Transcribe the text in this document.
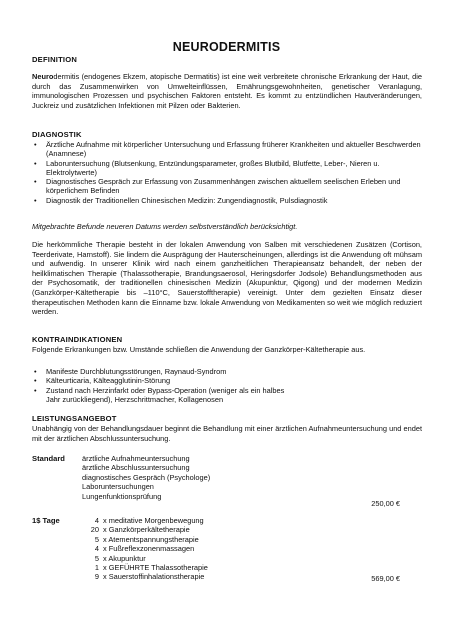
NEURODERMITIS
DEFINITION

Neurodermitis (endogenes Ekzem, atopische Dermatitis) ist eine weit verbreitete chronische Erkrankung der Haut, die durch das Zusammenwirken von Umwelteinflüssen, Ernährungsgewohnheiten, genetischer Veranlagung, immunologischen Prozessen und psychischen Faktoren entsteht. Es kommt zu entzündlichen Hautveränderungen, Juckreiz und zusätzlichen Infektionen mit Pilzen oder Bakterien.

DIAGNOSTIK
• Ärztliche Aufnahme mit körperlicher Untersuchung und Erfassung früherer Krankheiten und aktueller Beschwerden (Anamnese)
• Laboruntersuchung (Blutsenkung, Entzündungsparameter, großes Blutbild, Blutfette, Leber-, Nieren u. Elektrolytwerte)
• Diagnostisches Gespräch zur Erfassung von Zusammenhängen zwischen aktuellem seelischen Erleben und körperlichem Befinden
• Diagnostik der Traditionellen Chinesischen Medizin: Zungendiagnostik, Pulsdiagnostik
Mitgebrachte Befunde neueren Datums werden selbstverständlich berücksichtigt.

Die herkömmliche Therapie besteht in der lokalen Anwendung von Salben mit verschiedenen Zusätzen (Cortison, Teerderivate, Harnstoff). Sie lindern die Ausprägung der Hauterscheinungen, allerdings ist die Anwendung oft mühsam und aufwendig. In unserer Klinik wird nach einem ganzheitlichen Therapieansatz behandelt, der neben der heilklimatischen Therapie (Thalassotherapie, Brandungsaerosol, Heringsdorfer Jodsole) Behandlungsmethoden aus der Psychosomatik, der traditionellen chinesischen Medizin (Akupunktur, Qigong) und der modernen Medizin (Ganzkörper-Kältetherapie bis –110°C, Sauerstofftherapie) vereinigt. Unter dem gezielten Einsatz dieser therapeutischen Methoden kann die Einname bzw. lokale Anwendung von Medikamenten so weit wie möglich reduziert werden.

KONTRAINDIKATIONEN

Folgende Erkrankungen bzw. Umstände schließen die Anwendung der Ganzkörper-Kältetherapie aus.

• Manifeste Durchblutungsstörungen, Raynaud-Syndrom
• Kälteurticaria, Kälteagglutinin-Störung
• Zustand nach Herzinfarkt oder Bypass-Operation (weniger als ein halbes Jahr zurückliegend), Herzschrittmacher, Kollagenosen
LEISTUNGSANGEBOT

Unabhängig von der Behandlungsdauer beginnt die Behandlung mit einer ärztlichen Aufnahmeuntersuchung und endet mit der ärztlichen Abschlussuntersuchung.

Standard ärztliche Aufnahmeuntersuchung
ärztliche Abschlussuntersuchung
diagnostisches Gespräch (Psychologe)
Laboruntersuchungen
Lungenfunktionsprüfung
250,00 €
1$ Tage	4 x meditative Morgenbewegung
20 x Ganzkörperkältetherapie
5 x Atementspannungstherapie
4 x Fußreflexzonenmassagen
5 x Akupunktur
1 x GEFÜHRTE Thalassotherapie
9 x Sauerstoffinhalationstherapie	569,00 €
